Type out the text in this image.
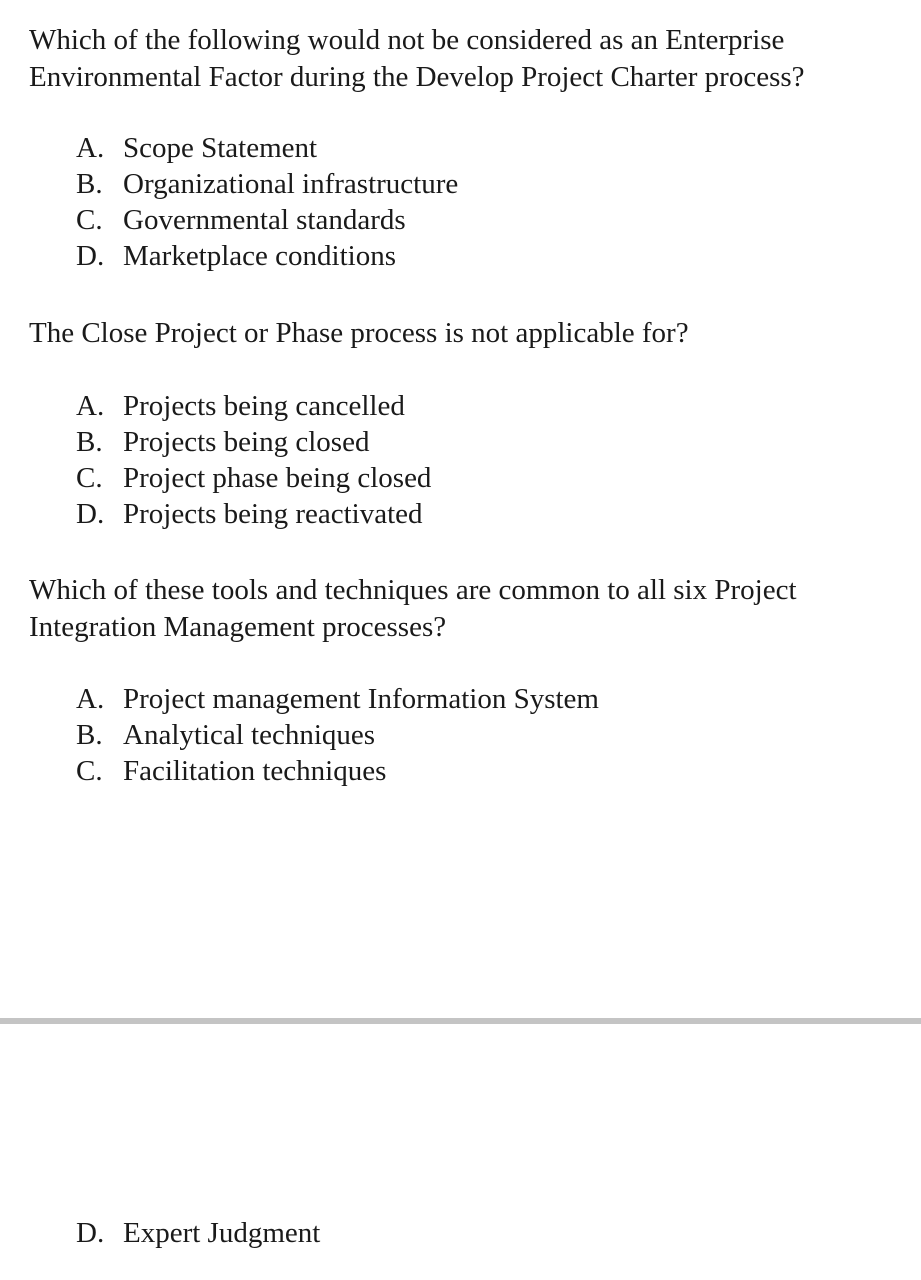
Which of the following would not be considered as an Enterprise
Environmental Factor during the Develop Project Charter process?

A. Scope Statement
B. Organizational infrastructure
C. Governmental standards
D. Marketplace conditions

The Close Project or Phase process is not applicable for?

A. Projects being cancelled
B. Projects being closed
C. Project phase being closed
D. Projects being reactivated

Which of these tools and techniques are common to all six Project
Integration Management processes?

A. Project management Information System
B. Analytical techniques
C. Facilitation techniques
D. Expert Judgment
